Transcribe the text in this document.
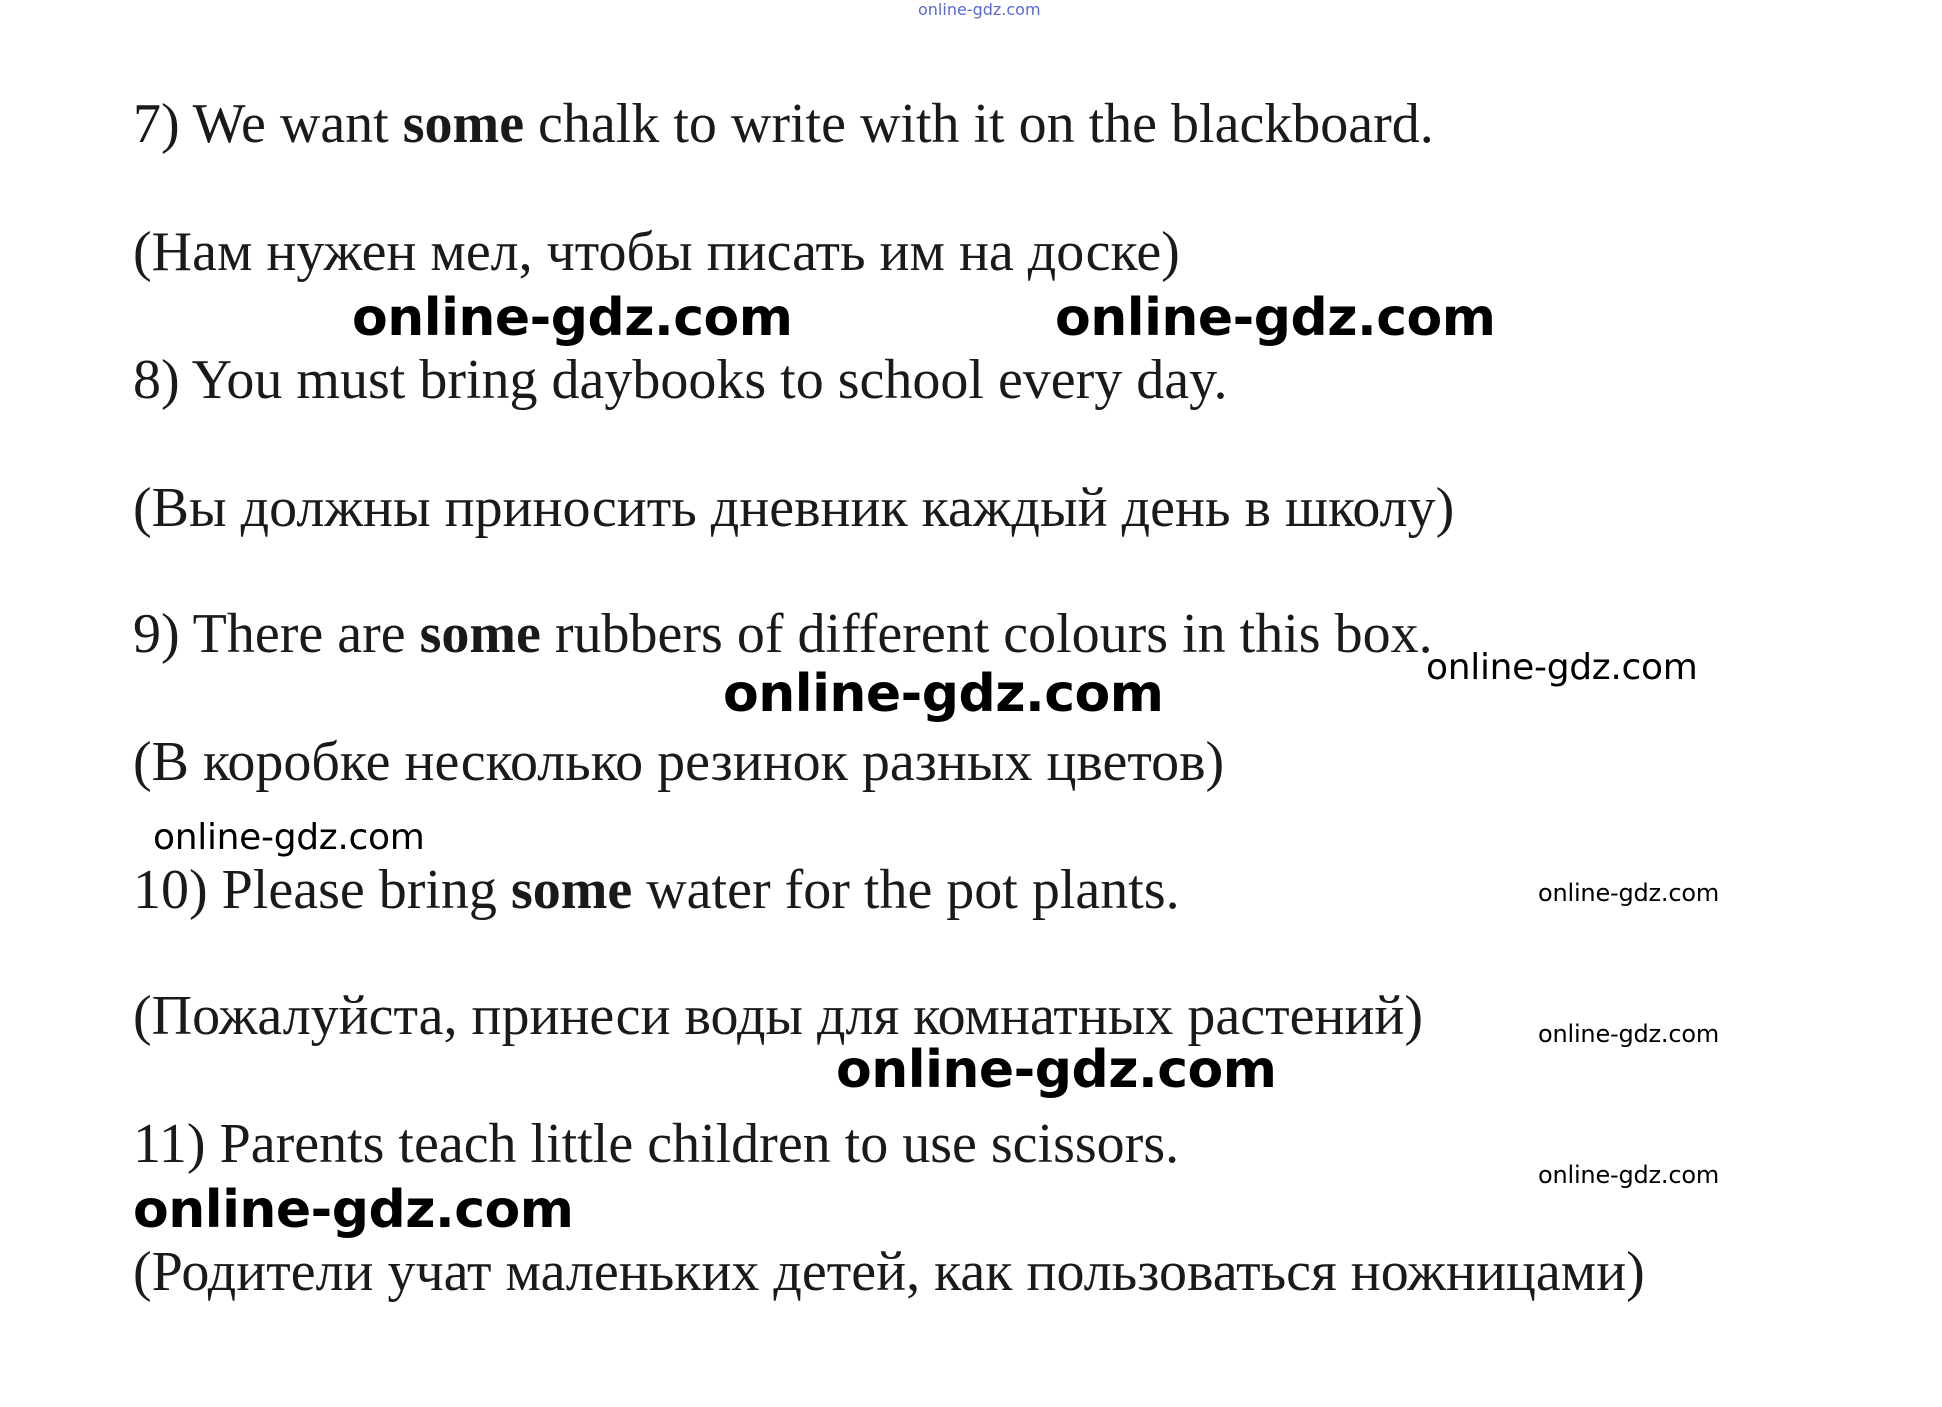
online-gdz.com
7) We want some chalk to write with it on the blackboard.
(Нам нужен мел, чтобы писать им на доске)
8) You must bring daybooks to school every day.
(Вы должны приносить дневник каждый день в школу)
9) There are some rubbers of different colours in this box.
(В коробке несколько резинок разных цветов)
10) Please bring some water for the pot plants.
(Пожалуйста, принеси воды для комнатных растений)
11) Parents teach little children to use scissors.
(Родители учат маленьких детей, как пользоваться ножницами)
online-gdz.com	online-gdz.com
online-gdz.com
online-gdz.com
online-gdz.com
online-gdz.com
online-gdz.com
online-gdz.com
online-gdz.com
online-gdz.com
